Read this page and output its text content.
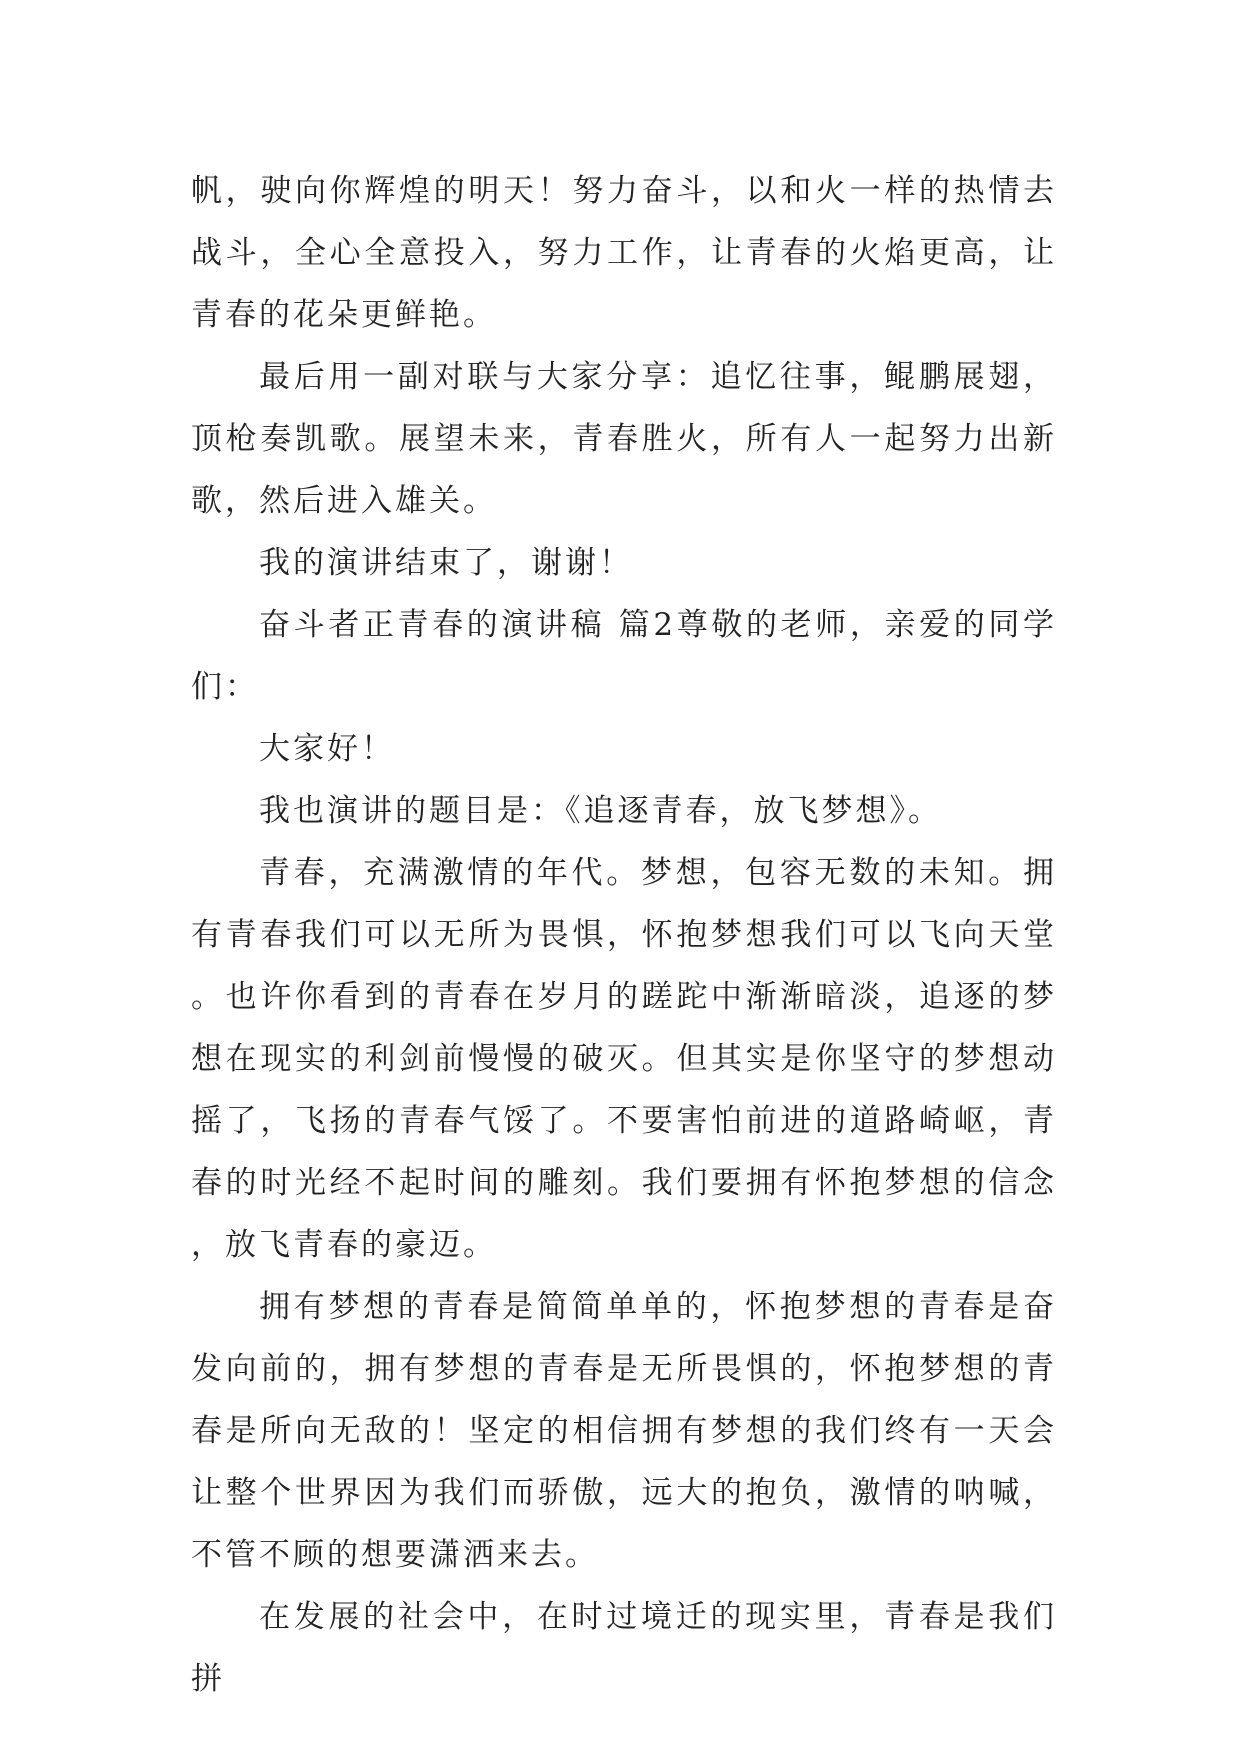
帆，驶向你辉煌的明天！努力奋斗，以和火一样的热情去战斗，全心全意投入，努力工作，让青春的火焰更高，让青春的花朵更鲜艳。

最后用一副对联与大家分享：追忆往事，鲲鹏展翅，顶枪奏凯歌。展望未来，青春胜火，所有人一起努力出新歌，然后进入雄关。

我的演讲结束了，谢谢！

奋斗者正青春的演讲稿 篇2尊敬的老师，亲爱的同学们：

大家好！

我也演讲的题目是：《追逐青春，放飞梦想》。

青春，充满激情的年代。梦想，包容无数的未知。拥有青春我们可以无所为畏惧，怀抱梦想我们可以飞向天堂。也许你看到的青春在岁月的蹉跎中渐渐暗淡，追逐的梦想在现实的利剑前慢慢的破灭。但其实是你坚守的梦想动摇了，飞扬的青春气馁了。不要害怕前进的道路崎岖，青春的时光经不起时间的雕刻。我们要拥有怀抱梦想的信念，放飞青春的豪迈。

拥有梦想的青春是简简单单的，怀抱梦想的青春是奋发向前的，拥有梦想的青春是无所畏惧的，怀抱梦想的青春是所向无敌的！坚定的相信拥有梦想的我们终有一天会让整个世界因为我们而骄傲，远大的抱负，激情的呐喊，不管不顾的想要潇洒来去。

在发展的社会中，在时过境迁的现实里，青春是我们拼
